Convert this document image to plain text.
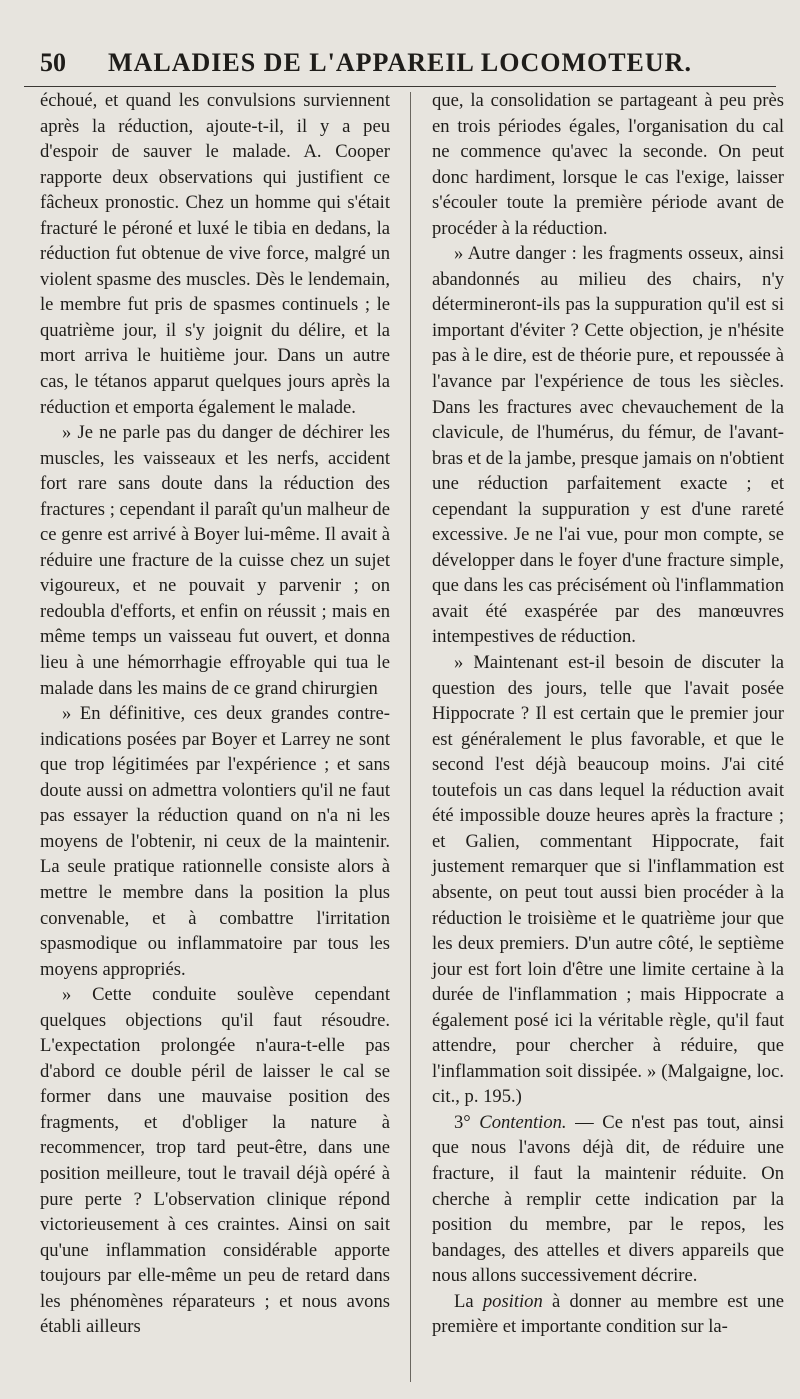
50	MALADIES DE L'APPAREIL LOCOMOTEUR.

échoué, et quand les convulsions surviennent après la réduction, ajoute-t-il, il y a peu d'espoir de sauver le malade. A. Cooper rapporte deux observations qui justifient ce fâcheux pronostic. Chez un homme qui s'était fracturé le péroné et luxé le tibia en dedans, la réduction fut obtenue de vive force, malgré un violent spasme des muscles. Dès le lendemain, le membre fut pris de spasmes continuels ; le quatrième jour, il s'y joignit du délire, et la mort arriva le huitième jour. Dans un autre cas, le tétanos apparut quelques jours après la réduction et emporta également le malade.

» Je ne parle pas du danger de déchirer les muscles, les vaisseaux et les nerfs, accident fort rare sans doute dans la réduction des fractures ; cependant il paraît qu'un malheur de ce genre est arrivé à Boyer lui-même. Il avait à réduire une fracture de la cuisse chez un sujet vigoureux, et ne pouvait y parvenir ; on redoubla d'efforts, et enfin on réussit ; mais en même temps un vaisseau fut ouvert, et donna lieu à une hémorrhagie effroyable qui tua le malade dans les mains de ce grand chirurgien

» En définitive, ces deux grandes contre-indications posées par Boyer et Larrey ne sont que trop légitimées par l'expérience ; et sans doute aussi on admettra volontiers qu'il ne faut pas essayer la réduction quand on n'a ni les moyens de l'obtenir, ni ceux de la maintenir. La seule pratique rationnelle consiste alors à mettre le membre dans la position la plus convenable, et à combattre l'irritation spasmodique ou inflammatoire par tous les moyens appropriés.

» Cette conduite soulève cependant quelques objections qu'il faut résoudre. L'expectation prolongée n'aura-t-elle pas d'abord ce double péril de laisser le cal se former dans une mauvaise position des fragments, et d'obliger la nature à recommencer, trop tard peut-être, dans une position meilleure, tout le travail déjà opéré à pure perte ? L'observation clinique répond victorieusement à ces craintes. Ainsi on sait qu'une inflammation considérable apporte toujours par elle-même un peu de retard dans les phénomènes réparateurs ; et nous avons établi ailleurs

que, la consolidation se partageant à peu près en trois périodes égales, l'organisation du cal ne commence qu'avec la seconde. On peut donc hardiment, lorsque le cas l'exige, laisser s'écouler toute la première période avant de procéder à la réduction.

» Autre danger : les fragments osseux, ainsi abandonnés au milieu des chairs, n'y détermineront-ils pas la suppuration qu'il est si important d'éviter ? Cette objection, je n'hésite pas à le dire, est de théorie pure, et repoussée à l'avance par l'expérience de tous les siècles. Dans les fractures avec chevauchement de la clavicule, de l'humérus, du fémur, de l'avant-bras et de la jambe, presque jamais on n'obtient une réduction parfaitement exacte ; et cependant la suppuration y est d'une rareté excessive. Je ne l'ai vue, pour mon compte, se développer dans le foyer d'une fracture simple, que dans les cas précisément où l'inflammation avait été exaspérée par des manœuvres intempestives de réduction.

» Maintenant est-il besoin de discuter la question des jours, telle que l'avait posée Hippocrate ? Il est certain que le premier jour est généralement le plus favorable, et que le second l'est déjà beaucoup moins. J'ai cité toutefois un cas dans lequel la réduction avait été impossible douze heures après la fracture ; et Galien, commentant Hippocrate, fait justement remarquer que si l'inflammation est absente, on peut tout aussi bien procéder à la réduction le troisième et le quatrième jour que les deux premiers. D'un autre côté, le septième jour est fort loin d'être une limite certaine à la durée de l'inflammation ; mais Hippocrate a également posé ici la véritable règle, qu'il faut attendre, pour chercher à réduire, que l'inflammation soit dissipée. » (Malgaigne, loc. cit., p. 195.)

3° Contention. — Ce n'est pas tout, ainsi que nous l'avons déjà dit, de réduire une fracture, il faut la maintenir réduite. On cherche à remplir cette indication par la position du membre, par le repos, les bandages, des attelles et divers appareils que nous allons successivement décrire.

La position à donner au membre est une première et importante condition sur la-
